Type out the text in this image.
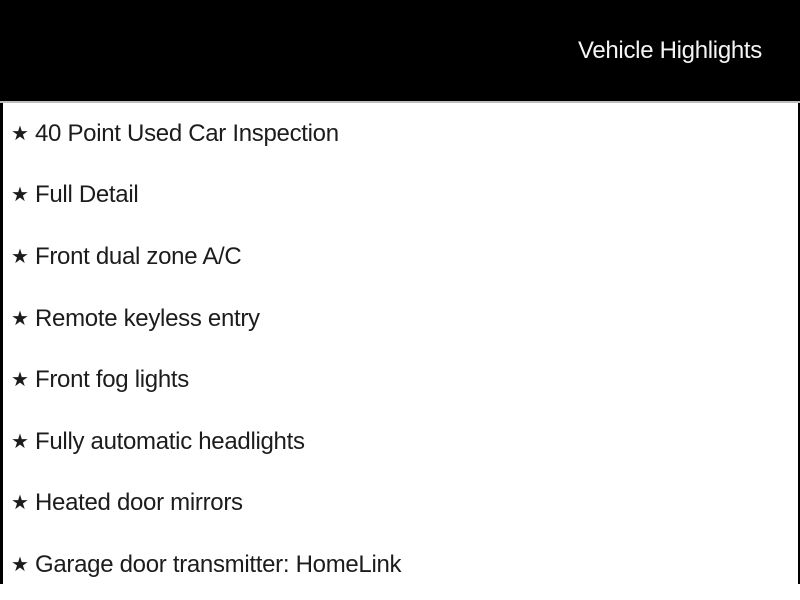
Vehicle Highlights
★ 40 Point Used Car Inspection
★ Full Detail
★ Front dual zone A/C
★ Remote keyless entry
★ Front fog lights
★ Fully automatic headlights
★ Heated door mirrors
★ Garage door transmitter: HomeLink
